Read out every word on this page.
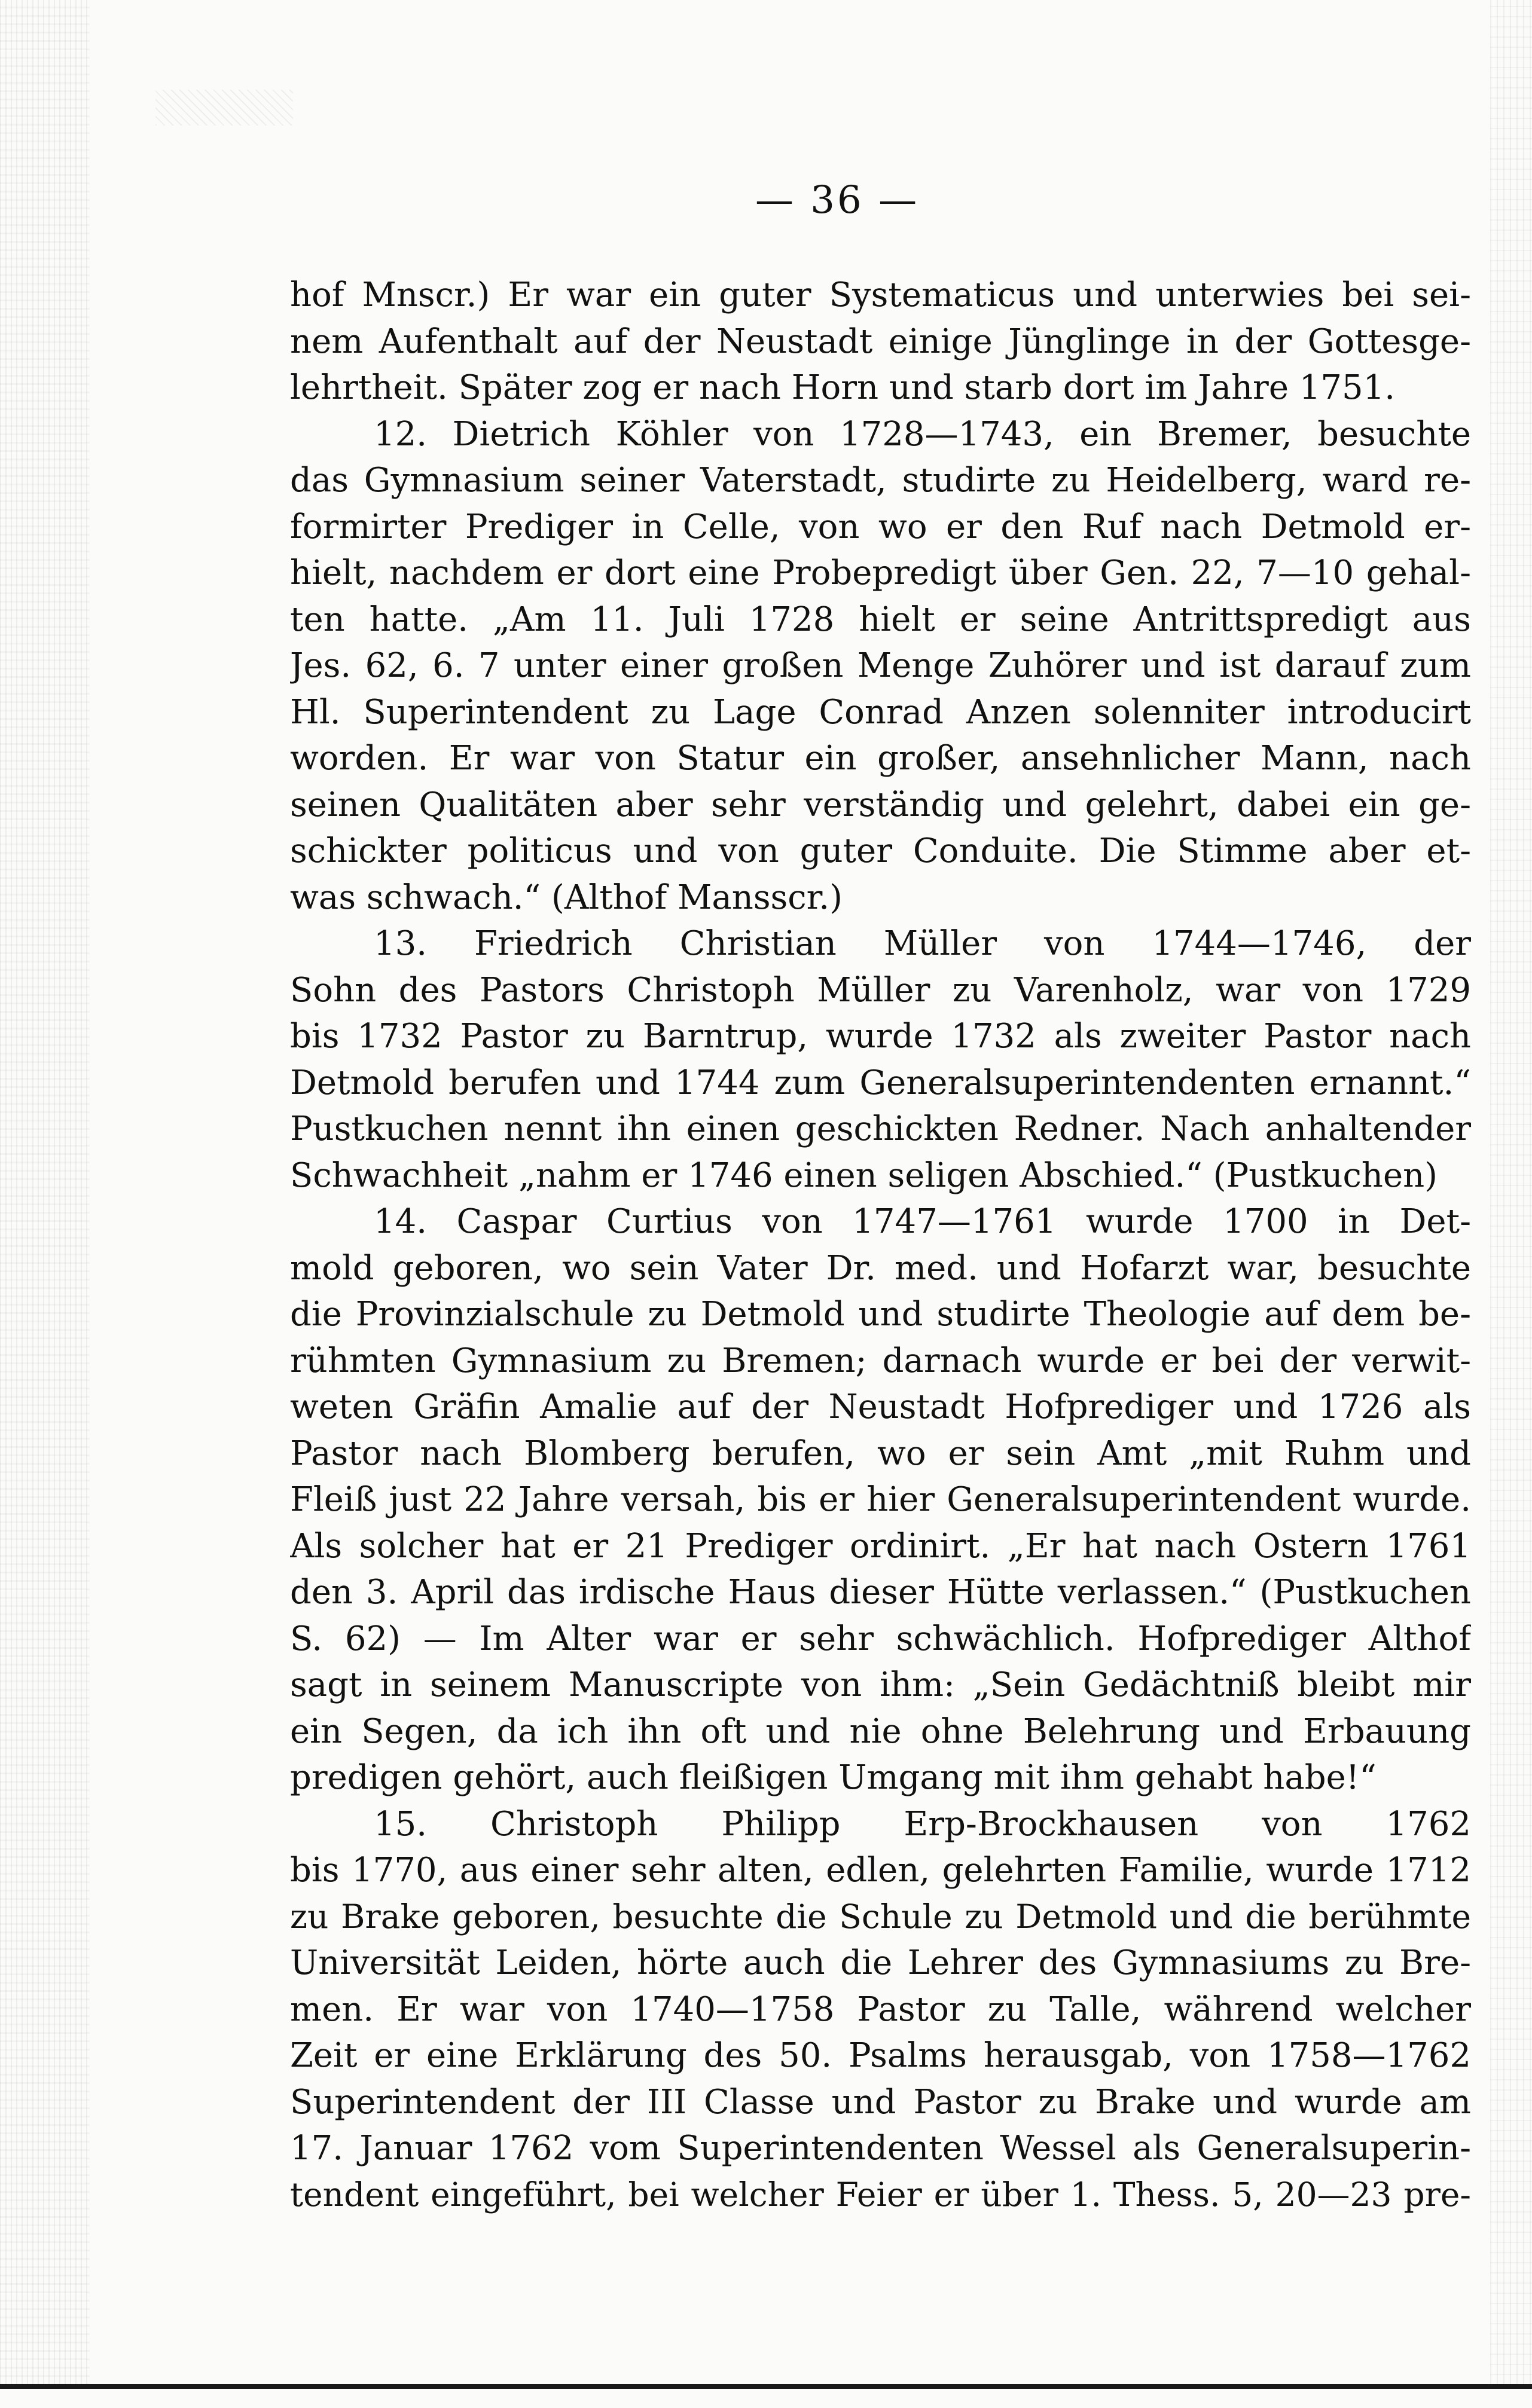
— 36 —
hof Mnscr.) Er war ein guter Systematicus und unterwies bei sei-
nem Aufenthalt auf der Neustadt einige Jünglinge in der Gottesge-
lehrtheit. Später zog er nach Horn und starb dort im Jahre 1751.
12. Dietrich Köhler von 1728—1743, ein Bremer, besuchte
das Gymnasium seiner Vaterstadt, studirte zu Heidelberg, ward re-
formirter Prediger in Celle, von wo er den Ruf nach Detmold er-
hielt, nachdem er dort eine Probepredigt über Gen. 22, 7—10 gehal-
ten hatte. „Am 11. Juli 1728 hielt er seine Antrittspredigt aus
Jes. 62, 6. 7 unter einer großen Menge Zuhörer und ist darauf zum
Hl. Superintendent zu Lage Conrad Anzen solenniter introducirt
worden. Er war von Statur ein großer, ansehnlicher Mann, nach
seinen Qualitäten aber sehr verständig und gelehrt, dabei ein ge-
schickter politicus und von guter Conduite. Die Stimme aber et-
was schwach.“ (Althof Mansscr.)
13. Friedrich Christian Müller von 1744—1746, der
Sohn des Pastors Christoph Müller zu Varenholz, war von 1729
bis 1732 Pastor zu Barntrup, wurde 1732 als zweiter Pastor nach
Detmold berufen und 1744 zum Generalsuperintendenten ernannt.“
Pustkuchen nennt ihn einen geschickten Redner. Nach anhaltender
Schwachheit „nahm er 1746 einen seligen Abschied.“ (Pustkuchen)
14. Caspar Curtius von 1747—1761 wurde 1700 in Det-
mold geboren, wo sein Vater Dr. med. und Hofarzt war, besuchte
die Provinzialschule zu Detmold und studirte Theologie auf dem be-
rühmten Gymnasium zu Bremen; darnach wurde er bei der verwit-
weten Gräfin Amalie auf der Neustadt Hofprediger und 1726 als
Pastor nach Blomberg berufen, wo er sein Amt „mit Ruhm und
Fleiß just 22 Jahre versah, bis er hier Generalsuperintendent wurde.
Als solcher hat er 21 Prediger ordinirt. „Er hat nach Ostern 1761
den 3. April das irdische Haus dieser Hütte verlassen.“ (Pustkuchen
S. 62) — Im Alter war er sehr schwächlich. Hofprediger Althof
sagt in seinem Manuscripte von ihm: „Sein Gedächtniß bleibt mir
ein Segen, da ich ihn oft und nie ohne Belehrung und Erbauung
predigen gehört, auch fleißigen Umgang mit ihm gehabt habe!“
15. Christoph Philipp Erp-Brockhausen von 1762
bis 1770, aus einer sehr alten, edlen, gelehrten Familie, wurde 1712
zu Brake geboren, besuchte die Schule zu Detmold und die berühmte
Universität Leiden, hörte auch die Lehrer des Gymnasiums zu Bre-
men. Er war von 1740—1758 Pastor zu Talle, während welcher
Zeit er eine Erklärung des 50. Psalms herausgab, von 1758—1762
Superintendent der III Classe und Pastor zu Brake und wurde am
17. Januar 1762 vom Superintendenten Wessel als Generalsuperin-
tendent eingeführt, bei welcher Feier er über 1. Thess. 5, 20—23 pre-
